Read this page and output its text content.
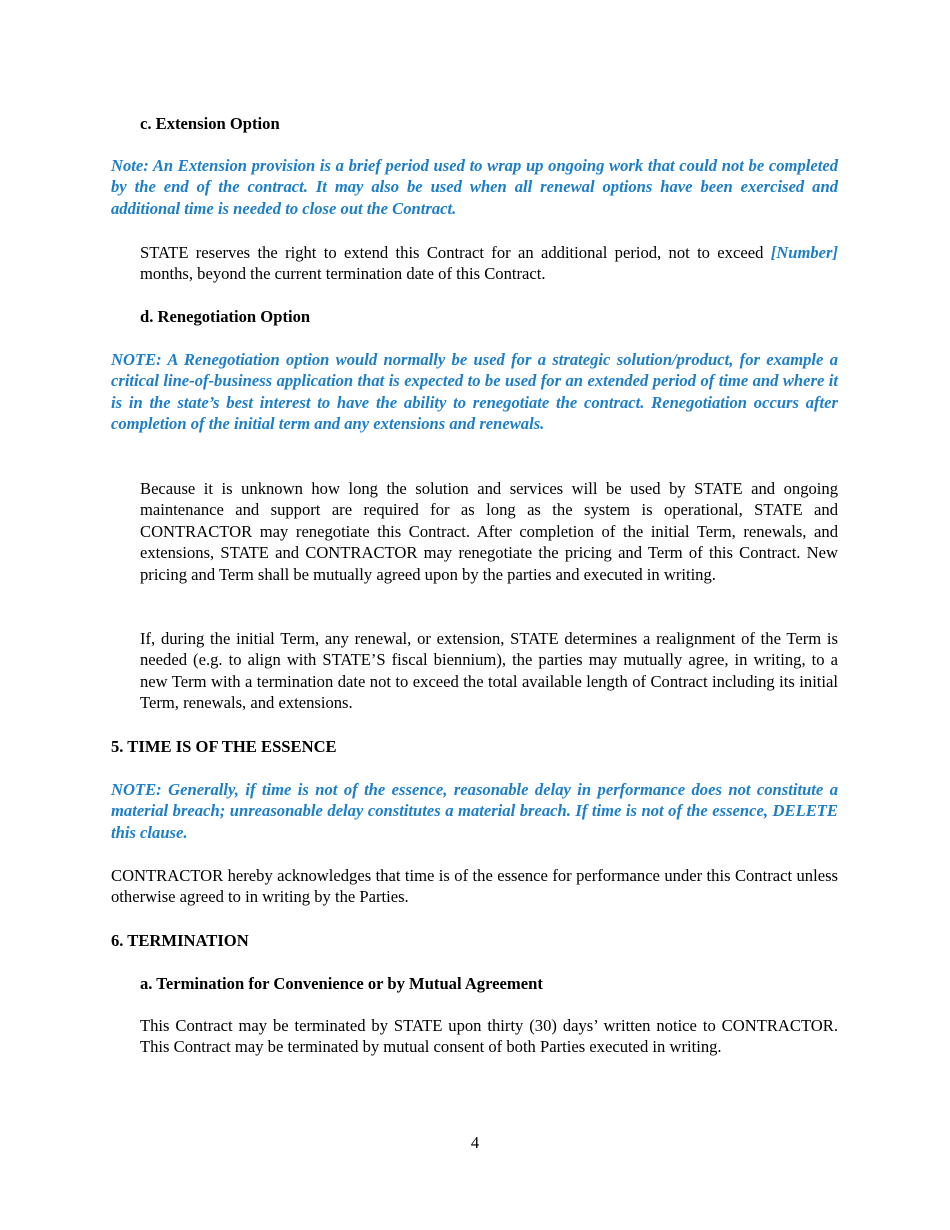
c. Extension Option

Note: An Extension provision is a brief period used to wrap up ongoing work that could not be completed by the end of the contract. It may also be used when all renewal options have been exercised and additional time is needed to close out the Contract.

STATE reserves the right to extend this Contract for an additional period, not to exceed [Number] months, beyond the current termination date of this Contract.

d. Renegotiation Option

NOTE: A Renegotiation option would normally be used for a strategic solution/product, for example a critical line-of-business application that is expected to be used for an extended period of time and where it is in the state’s best interest to have the ability to renegotiate the contract. Renegotiation occurs after completion of the initial term and any extensions and renewals.

Because it is unknown how long the solution and services will be used by STATE and ongoing maintenance and support are required for as long as the system is operational, STATE and CONTRACTOR may renegotiate this Contract. After completion of the initial Term, renewals, and extensions, STATE and CONTRACTOR may renegotiate the pricing and Term of this Contract. New pricing and Term shall be mutually agreed upon by the parties and executed in writing.

If, during the initial Term, any renewal, or extension, STATE determines a realignment of the Term is needed (e.g. to align with STATE’S fiscal biennium), the parties may mutually agree, in writing, to a new Term with a termination date not to exceed the total available length of Contract including its initial Term, renewals, and extensions.

5. TIME IS OF THE ESSENCE

NOTE: Generally, if time is not of the essence, reasonable delay in performance does not constitute a material breach; unreasonable delay constitutes a material breach. If time is not of the essence, DELETE this clause.

CONTRACTOR hereby acknowledges that time is of the essence for performance under this Contract unless otherwise agreed to in writing by the Parties.

6. TERMINATION

a. Termination for Convenience or by Mutual Agreement

This Contract may be terminated by STATE upon thirty (30) days’ written notice to CONTRACTOR. This Contract may be terminated by mutual consent of both Parties executed in writing.

4
